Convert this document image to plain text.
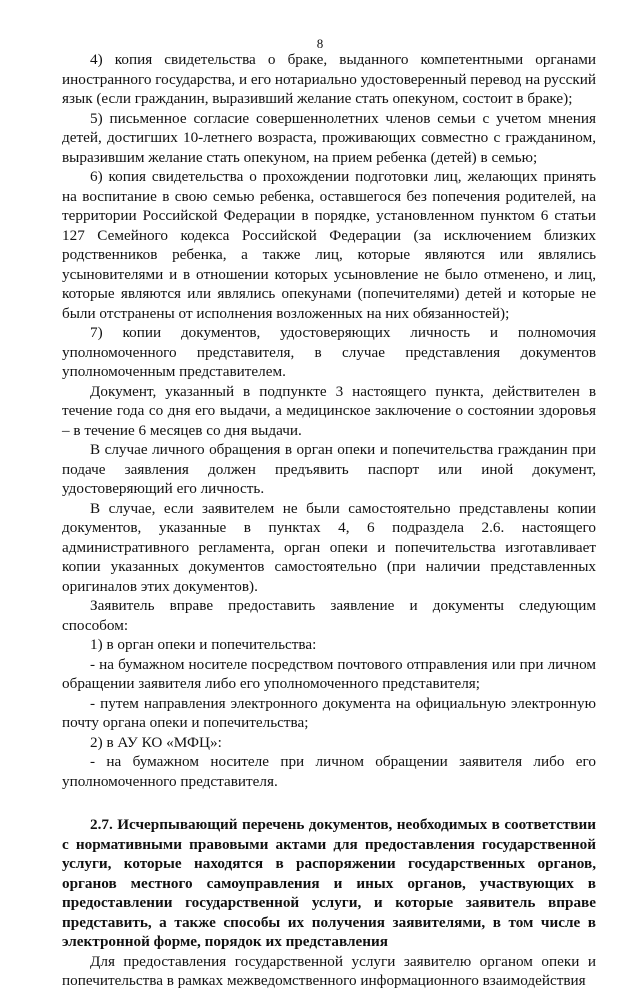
8

4) копия свидетельства о браке, выданного компетентными органами иностранного государства, и его нотариально удостоверенный перевод на русский язык (если гражданин, выразивший желание стать опекуном, состоит в браке);

5) письменное согласие совершеннолетних членов семьи с учетом мнения детей, достигших 10-летнего возраста, проживающих совместно с гражданином, выразившим желание стать опекуном, на прием ребенка (детей) в семью;

6) копия свидетельства о прохождении подготовки лиц, желающих принять на воспитание в свою семью ребенка, оставшегося без попечения родителей, на территории Российской Федерации в порядке, установленном пунктом 6 статьи 127 Семейного кодекса Российской Федерации (за исключением близких родственников ребенка, а также лиц, которые являются или являлись усыновителями и в отношении которых усыновление не было отменено, и лиц, которые являются или являлись опекунами (попечителями) детей и которые не были отстранены от исполнения возложенных на них обязанностей);

7) копии документов, удостоверяющих личность и полномочия уполномоченного представителя, в случае представления документов уполномоченным представителем.

Документ, указанный в подпункте 3 настоящего пункта, действителен в течение года со дня его выдачи, а медицинское заключение о состоянии здоровья – в течение 6 месяцев со дня выдачи.

В случае личного обращения в орган опеки и попечительства гражданин при подаче заявления должен предъявить паспорт или иной документ, удостоверяющий его личность.

В случае, если заявителем не были самостоятельно представлены копии документов, указанные в пунктах 4, 6 подраздела 2.6. настоящего административного регламента, орган опеки и попечительства изготавливает копии указанных документов самостоятельно (при наличии представленных оригиналов этих документов).

Заявитель вправе предоставить заявление и документы следующим способом:

1) в орган опеки и попечительства:

- на бумажном носителе посредством почтового отправления или при личном обращении заявителя либо его уполномоченного представителя;

- путем направления электронного документа на официальную электронную почту органа опеки и попечительства;

2) в АУ КО «МФЦ»:

- на бумажном носителе при личном обращении заявителя либо его уполномоченного представителя.

2.7. Исчерпывающий перечень документов, необходимых в соответствии с нормативными правовыми актами для предоставления государственной услуги, которые находятся в распоряжении государственных органов, органов местного самоуправления и иных органов, участвующих в предоставлении государственной услуги, и которые заявитель вправе представить, а также способы их получения заявителями, в том числе в электронной форме, порядок их представления

Для предоставления государственной услуги заявителю органом опеки и попечительства в рамках межведомственного информационного взаимодействия
